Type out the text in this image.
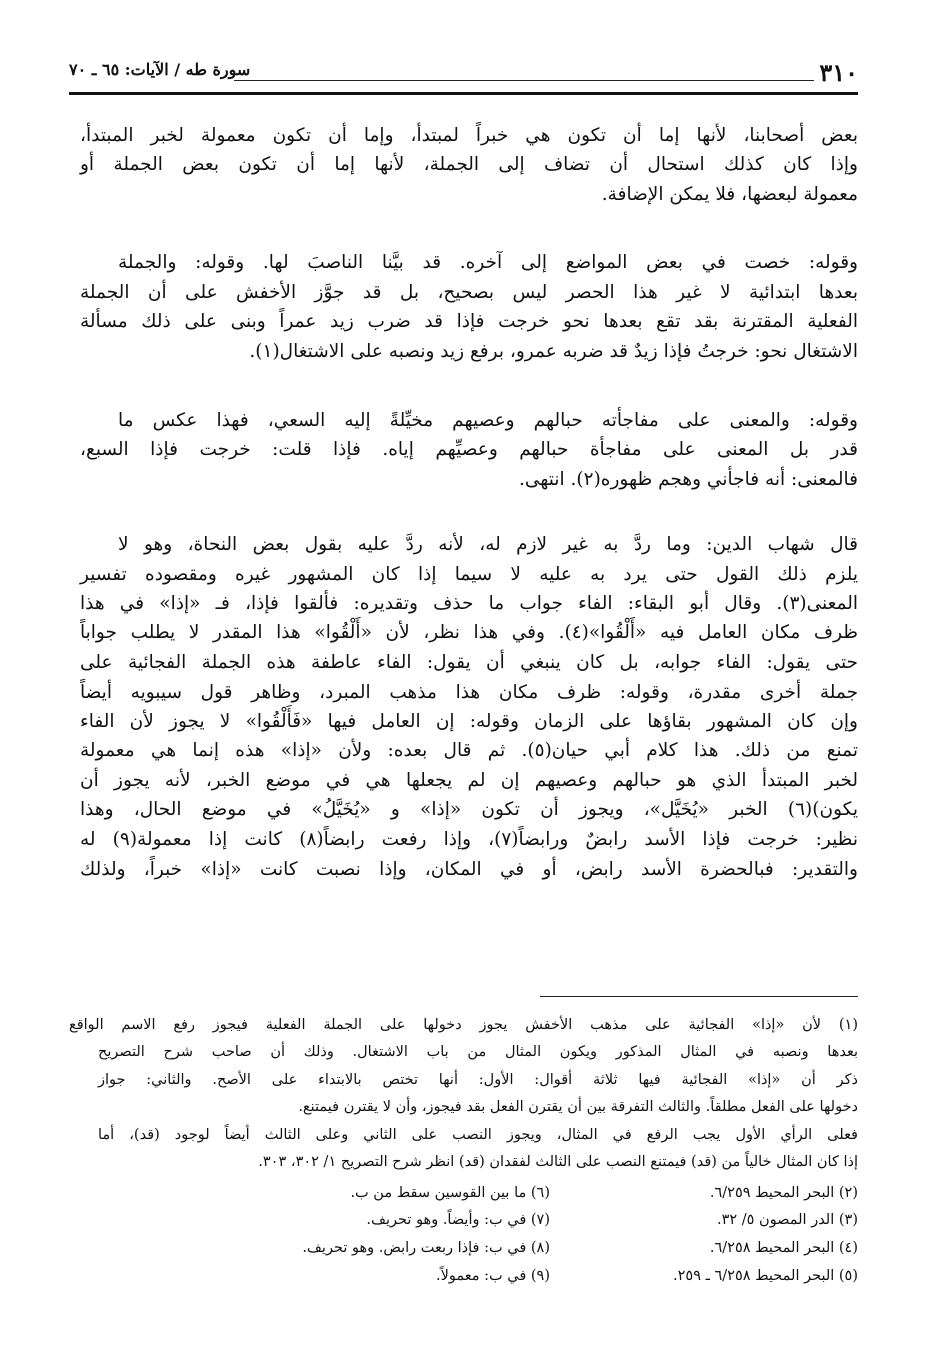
٣١٠
سورة طه / الآيات: ٦٥ ـ ٧٠
بعض أصحابنا، لأنها إما أن تكون هي خبراً لمبتدأ، وإما أن تكون معمولة لخبر المبتدأ،
وإذا كان كذلك استحال أن تضاف إلى الجملة، لأنها إما أن تكون بعض الجملة أو
معمولة لبعضها، فلا يمكن الإضافة.
وقوله: خصت في بعض المواضع إلى آخره. قد بيَّنا الناصبَ لها. وقوله: والجملة
بعدها ابتدائية لا غير هذا الحصر ليس بصحيح، بل قد جوَّز الأخفش على أن الجملة
الفعلية المقترنة بقد تقع بعدها نحو خرجت فإذا قد ضرب زيد عمراً وبنى على ذلك مسألة
الاشتغال نحو: خرجتُ فإذا زيدٌ قد ضربه عمرو، برفع زيد ونصبه على الاشتغال(١).
وقوله: والمعنى على مفاجأته حبالهم وعصيهم مخيِّلةً إليه السعي، فهذا عكس ما
قدر بل المعنى على مفاجأة حبالهم وعصيِّهم إياه. فإذا قلت: خرجت فإذا السبع،
فالمعنى: أنه فاجأني وهجم ظهوره(٢). انتهى.
قال شهاب الدين: وما ردَّ به غير لازم له، لأنه ردَّ عليه بقول بعض النحاة، وهو لا
يلزم ذلك القول حتى يرد به عليه لا سيما إذا كان المشهور غيره ومقصوده تفسير
المعنى(٣). وقال أبو البقاء: الفاء جواب ما حذف وتقديره: فألقوا فإذا، فـ «إذا» في هذا
ظرف مكان العامل فيه «أَلْقُوا»(٤). وفي هذا نظر، لأن «أَلْقُوا» هذا المقدر لا يطلب جواباً
حتى يقول: الفاء جوابه، بل كان ينبغي أن يقول: الفاء عاطفة هذه الجملة الفجائية على
جملة أخرى مقدرة، وقوله: ظرف مكان هذا مذهب المبرد، وظاهر قول سيبويه أيضاً
وإن كان المشهور بقاؤها على الزمان وقوله: إن العامل فيها «فَأَلْقُوا» لا يجوز لأن الفاء
تمنع من ذلك. هذا كلام أبي حيان(٥). ثم قال بعده: ولأن «إذا» هذه إنما هي معمولة
لخبر المبتدأ الذي هو حبالهم وعصيهم إن لم يجعلها هي في موضع الخبر، لأنه يجوز أن
يكون)(٦) الخبر «يُخَيَّل»، ويجوز أن تكون «إذا» و «يُخَيَّلُ» في موضع الحال، وهذا
نظير: خرجت فإذا الأسد رابضٌ ورابضاً(٧)، وإذا رفعت رابضاً(٨) كانت إذا معمولة(٩) له
والتقدير: فبالحضرة الأسد رابض، أو في المكان، وإذا نصبت كانت «إذا» خبراً، ولذلك
(١) لأن «إذا» الفجائية على مذهب الأخفش يجوز دخولها على الجملة الفعلية فيجوز رفع الاسم الواقع
بعدها ونصبه في المثال المذكور ويكون المثال من باب الاشتغال. وذلك أن صاحب شرح التصريح
ذكر أن «إذا» الفجائية فيها ثلاثة أقوال: الأول: أنها تختص بالابتداء على الأصح. والثاني: جواز
دخولها على الفعل مطلقاً. والثالث التفرقة بين أن يقترن الفعل بقد فيجوز، وأن لا يقترن فيمتنع.
فعلى الرأي الأول يجب الرفع في المثال، ويجوز النصب على الثاني وعلى الثالث أيضاً لوجود (قد)، أما
إذا كان المثال خالياً من (قد) فيمتنع النصب على الثالث لفقدان (قد) انظر شرح التصريح ١/ ٣٠٢، ٣٠٣.
(٢) البحر المحيط ٦/٢٥٩.
(٣) الدر المصون ٥/ ٣٢.
(٤) البحر المحيط ٦/٢٥٨.
(٥) البحر المحيط ٦/٢٥٨ ـ ٢٥٩.
(٦) ما بين القوسين سقط من ب.
(٧) في ب: وأيضاً. وهو تحريف.
(٨) في ب: فإذا ربعت رابض. وهو تحريف.
(٩) في ب: معمولاً.
